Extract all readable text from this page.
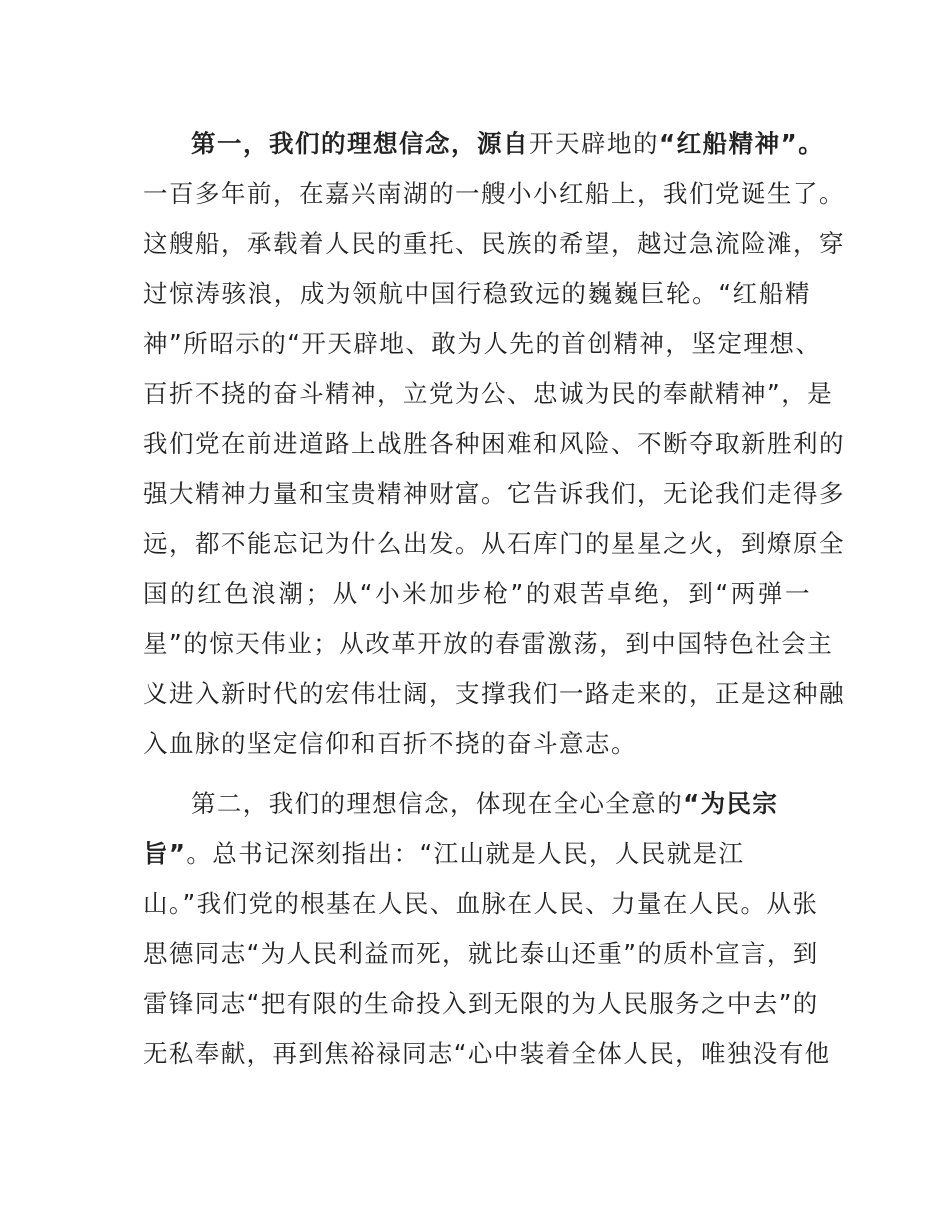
第一，我们的理想信念，源自开天辟地的“红船精神”。
一百多年前，在嘉兴南湖的一艘小小红船上，我们党诞生了。
这艘船，承载着人民的重托、民族的希望，越过急流险滩，穿
过惊涛骇浪，成为领航中国行稳致远的巍巍巨轮。“红船精
神”所昭示的“开天辟地、敢为人先的首创精神，坚定理想、
百折不挠的奋斗精神，立党为公、忠诚为民的奉献精神”，是
我们党在前进道路上战胜各种困难和风险、不断夺取新胜利的
强大精神力量和宝贵精神财富。它告诉我们，无论我们走得多
远，都不能忘记为什么出发。从石库门的星星之火，到燎原全
国的红色浪潮；从“小米加步枪”的艰苦卓绝，到“两弹一
星”的惊天伟业；从改革开放的春雷激荡，到中国特色社会主
义进入新时代的宏伟壮阔，支撑我们一路走来的，正是这种融
入血脉的坚定信仰和百折不挠的奋斗意志。
第二，我们的理想信念，体现在全心全意的“为民宗
旨”。总书记深刻指出：“江山就是人民，人民就是江
山。”我们党的根基在人民、血脉在人民、力量在人民。从张
思德同志“为人民利益而死，就比泰山还重”的质朴宣言，到
雷锋同志“把有限的生命投入到无限的为人民服务之中去”的
无私奉献，再到焦裕禄同志“心中装着全体人民，唯独没有他
